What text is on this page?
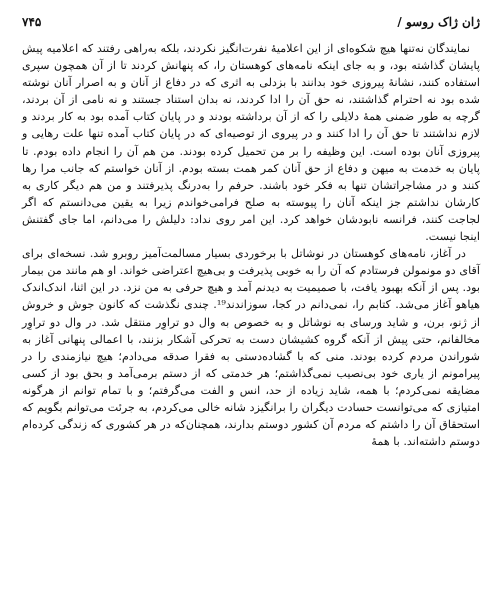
ژان ژاک روسو /
۷۴۵

نمایندگان نه‌تنها هیچ شکوه‌ای از این اعلامیهٔ نفرت‌انگیز نکردند، بلکه به‌راهی رفتند که اعلامیه پیش پایشان گذاشته بود، و به جای اینکه نامه‌های کوهستان را، که پنهانش کردند تا از آن همچون سپری استفاده کنند، نشانهٔ پیروزی خود بدانند با بزدلی به اثری که در دفاع از آنان و به اصرار آنان نوشته شده بود نه احترام گذاشتند، نه حق آن را ادا کردند، نه بدان استناد جستند و نه نامی از آن بردند، گرچه به طور ضمنی همهٔ دلایلی را که از آن برداشته بودند و در پایان کتاب آمده بود به کار بردند و لازم نداشتند تا حق آن را ادا کنند و در پیروی از توصیه‌ای که در پایان کتاب آمده تنها علت رهایی و پیروزی آنان بوده است. این وظیفه را بر من تحمیل کرده بودند. من هم آن را انجام داده بودم. تا پایان به خدمت به میهن و دفاع از حق آنان کمر همت بسته بودم. از آنان خواستم که جانب مرا رها کنند و در مشاجراتشان تنها به فکر خود باشند. حرفم را به‌درنگ پذیرفتند و من هم دیگر کاری به کارشان نداشتم جز اینکه آنان را پیوسته به صلح فرامی‌خواندم زیرا به یقین می‌دانستم که اگر لجاجت کنند، فرانسه نابودشان خواهد کرد. این امر روی نداد: دلیلش را می‌دانم، اما جای گفتنش اینجا نیست.

در آغاز، نامه‌های کوهستان در نوشاتل با برخوردی بسیار مسالمت‌آمیز روبرو شد. نسخه‌ای برای آقای دو مونمولن فرستادم که آن را به خوبی پذیرفت و بی‌هیچ اعتراضی خواند. او هم مانند من بیمار بود. پس از آنکه بهبود یافت، با صمیمیت به دیدنم آمد و هیچ حرفی به من نزد. در این اثنا، اندک‌اندک هیاهو آغاز می‌شد. کتابم را، نمی‌دانم در کجا، سوزاندند¹⁹. چندی نگذشت که کانون جوش و خروش از ژنو، برن، و شاید ورسای به نوشاتل و به خصوص به وال دو تراوِر منتقل شد. در وال دو تراوِر مخالفانم، حتی پیش از آنکه گروه کشیشان دست به تحرکی آشکار بزنند، با اعمالی پنهانی آغاز به شوراندن مردم کرده بودند. منی که با گشاده‌دستی به فقرا صدقه می‌دادم؛ هیچ نیازمندی را در پیرامونم از یاری خود بی‌نصیب نمی‌گذاشتم؛ هر خدمتی که از دستم برمی‌آمد و بحق بود از کسی مضایقه نمی‌کردم؛ با همه، شاید زیاده از حد، انس و الفت می‌گرفتم؛ و با تمام توانم از هرگونه امتیازی که می‌توانست حسادت دیگران را برانگیزد شانه خالی می‌کردم، به جرئت می‌توانم بگویم که استحقاق آن را داشتم که مردم آن کشور دوستم بدارند، همچنان‌که در هر کشوری که زندگی کرده‌ام دوستم داشته‌اند. با همهٔ
